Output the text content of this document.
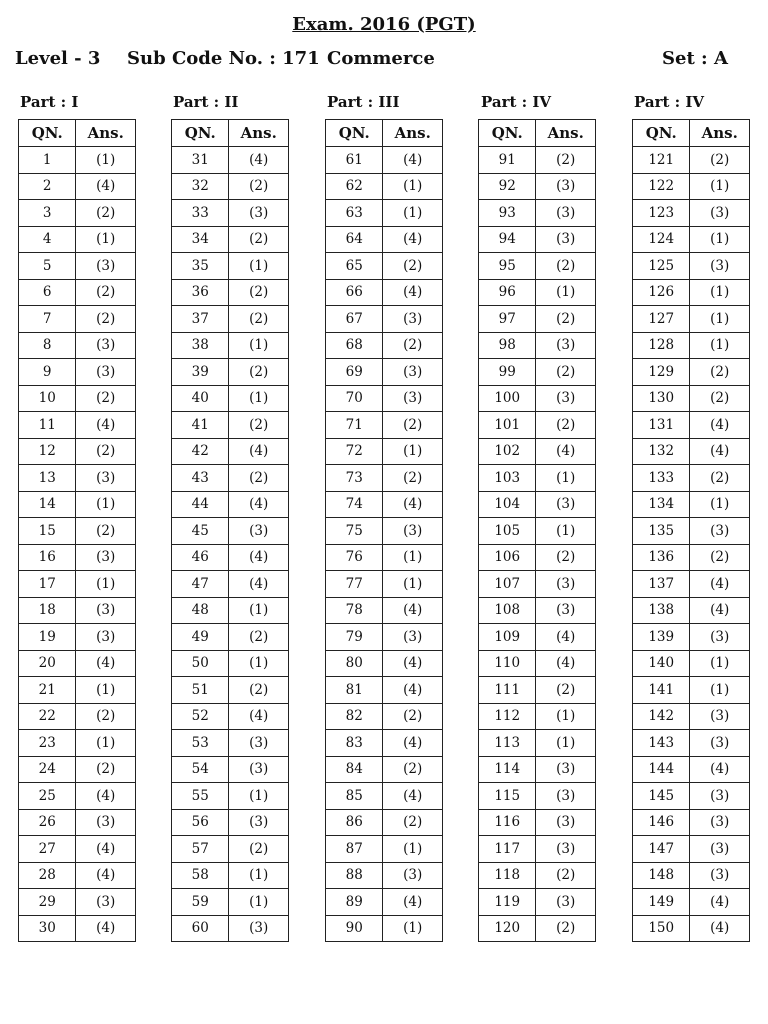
Exam. 2016 (PGT)
Level - 3 Sub Code No. : 171 Commerce	Set : A
Part : I
QN.	Ans.
1	(1)
2	(4)
3	(2)
4	(1)
5	(3)
6	(2)
7	(2)
8	(3)
9	(3)
10	(2)
11	(4)
12	(2)
13	(3)
14	(1)
15	(2)
16	(3)
17	(1)
18	(3)
19	(3)
20	(4)
21	(1)
22	(2)
23	(1)
24	(2)
25	(4)
26	(3)
27	(4)
28	(4)
29	(3)
30	(4)
Part : II
QN.	Ans.
31	(4)
32	(2)
33	(3)
34	(2)
35	(1)
36	(2)
37	(2)
38	(1)
39	(2)
40	(1)
41	(2)
42	(4)
43	(2)
44	(4)
45	(3)
46	(4)
47	(4)
48	(1)
49	(2)
50	(1)
51	(2)
52	(4)
53	(3)
54	(3)
55	(1)
56	(3)
57	(2)
58	(1)
59	(1)
60	(3)
Part : III
QN.	Ans.
61	(4)
62	(1)
63	(1)
64	(4)
65	(2)
66	(4)
67	(3)
68	(2)
69	(3)
70	(3)
71	(2)
72	(1)
73	(2)
74	(4)
75	(3)
76	(1)
77	(1)
78	(4)
79	(3)
80	(4)
81	(4)
82	(2)
83	(4)
84	(2)
85	(4)
86	(2)
87	(1)
88	(3)
89	(4)
90	(1)
Part : IV
QN.	Ans.
91	(2)
92	(3)
93	(3)
94	(3)
95	(2)
96	(1)
97	(2)
98	(3)
99	(2)
100	(3)
101	(2)
102	(4)
103	(1)
104	(3)
105	(1)
106	(2)
107	(3)
108	(3)
109	(4)
110	(4)
111	(2)
112	(1)
113	(1)
114	(3)
115	(3)
116	(3)
117	(3)
118	(2)
119	(3)
120	(2)
Part : IV
QN.	Ans.
121	(2)
122	(1)
123	(3)
124	(1)
125	(3)
126	(1)
127	(1)
128	(1)
129	(2)
130	(2)
131	(4)
132	(4)
133	(2)
134	(1)
135	(3)
136	(2)
137	(4)
138	(4)
139	(3)
140	(1)
141	(1)
142	(3)
143	(3)
144	(4)
145	(3)
146	(3)
147	(3)
148	(3)
149	(4)
150	(4)
